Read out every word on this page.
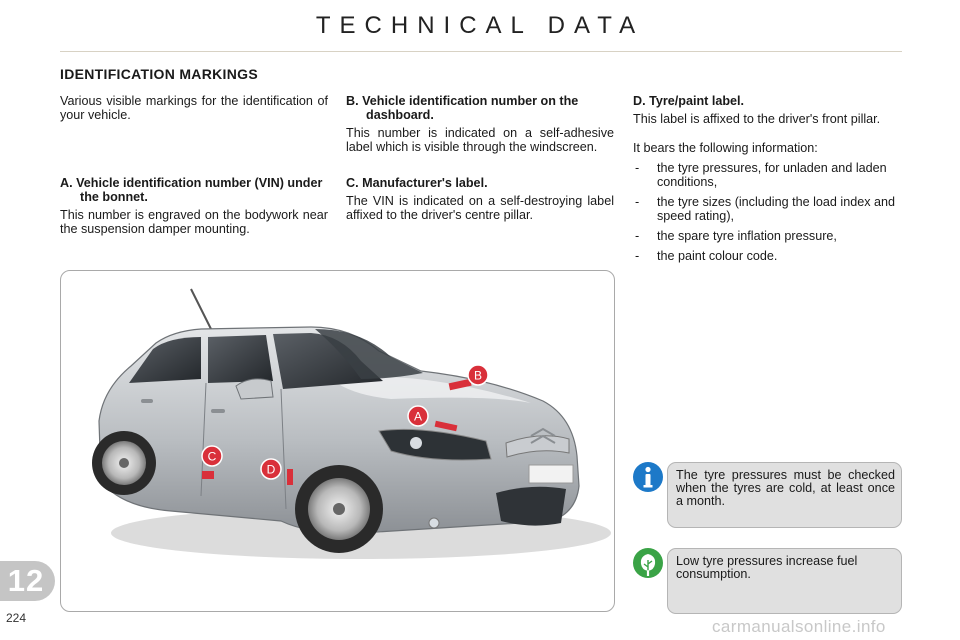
TECHNICAL DATA
IDENTIFICATION MARKINGS

Various visible markings for the identification of your vehicle.

A. Vehicle identification number (VIN) under the bonnet.

This number is engraved on the bodywork near the suspension damper mounting.

B. Vehicle identification number on the dashboard.

This number is indicated on a self-adhesive label which is visible through the windscreen.

C. Manufacturer's label.

The VIN is indicated on a self-destroying label affixed to the driver's centre pillar.

D. Tyre/paint label.

This label is affixed to the driver's front pillar.

It bears the following information:

- the tyre pressures, for unladen and laden conditions,
- the tyre sizes (including the load index and speed rating),
- the spare tyre inflation pressure,
- the paint colour code.
B
A
C
D	The tyre pressures must be checked when the tyres are cold, at least once a month.
Low tyre pressures increase fuel consumption.
12
224	carmanualsonline.info
